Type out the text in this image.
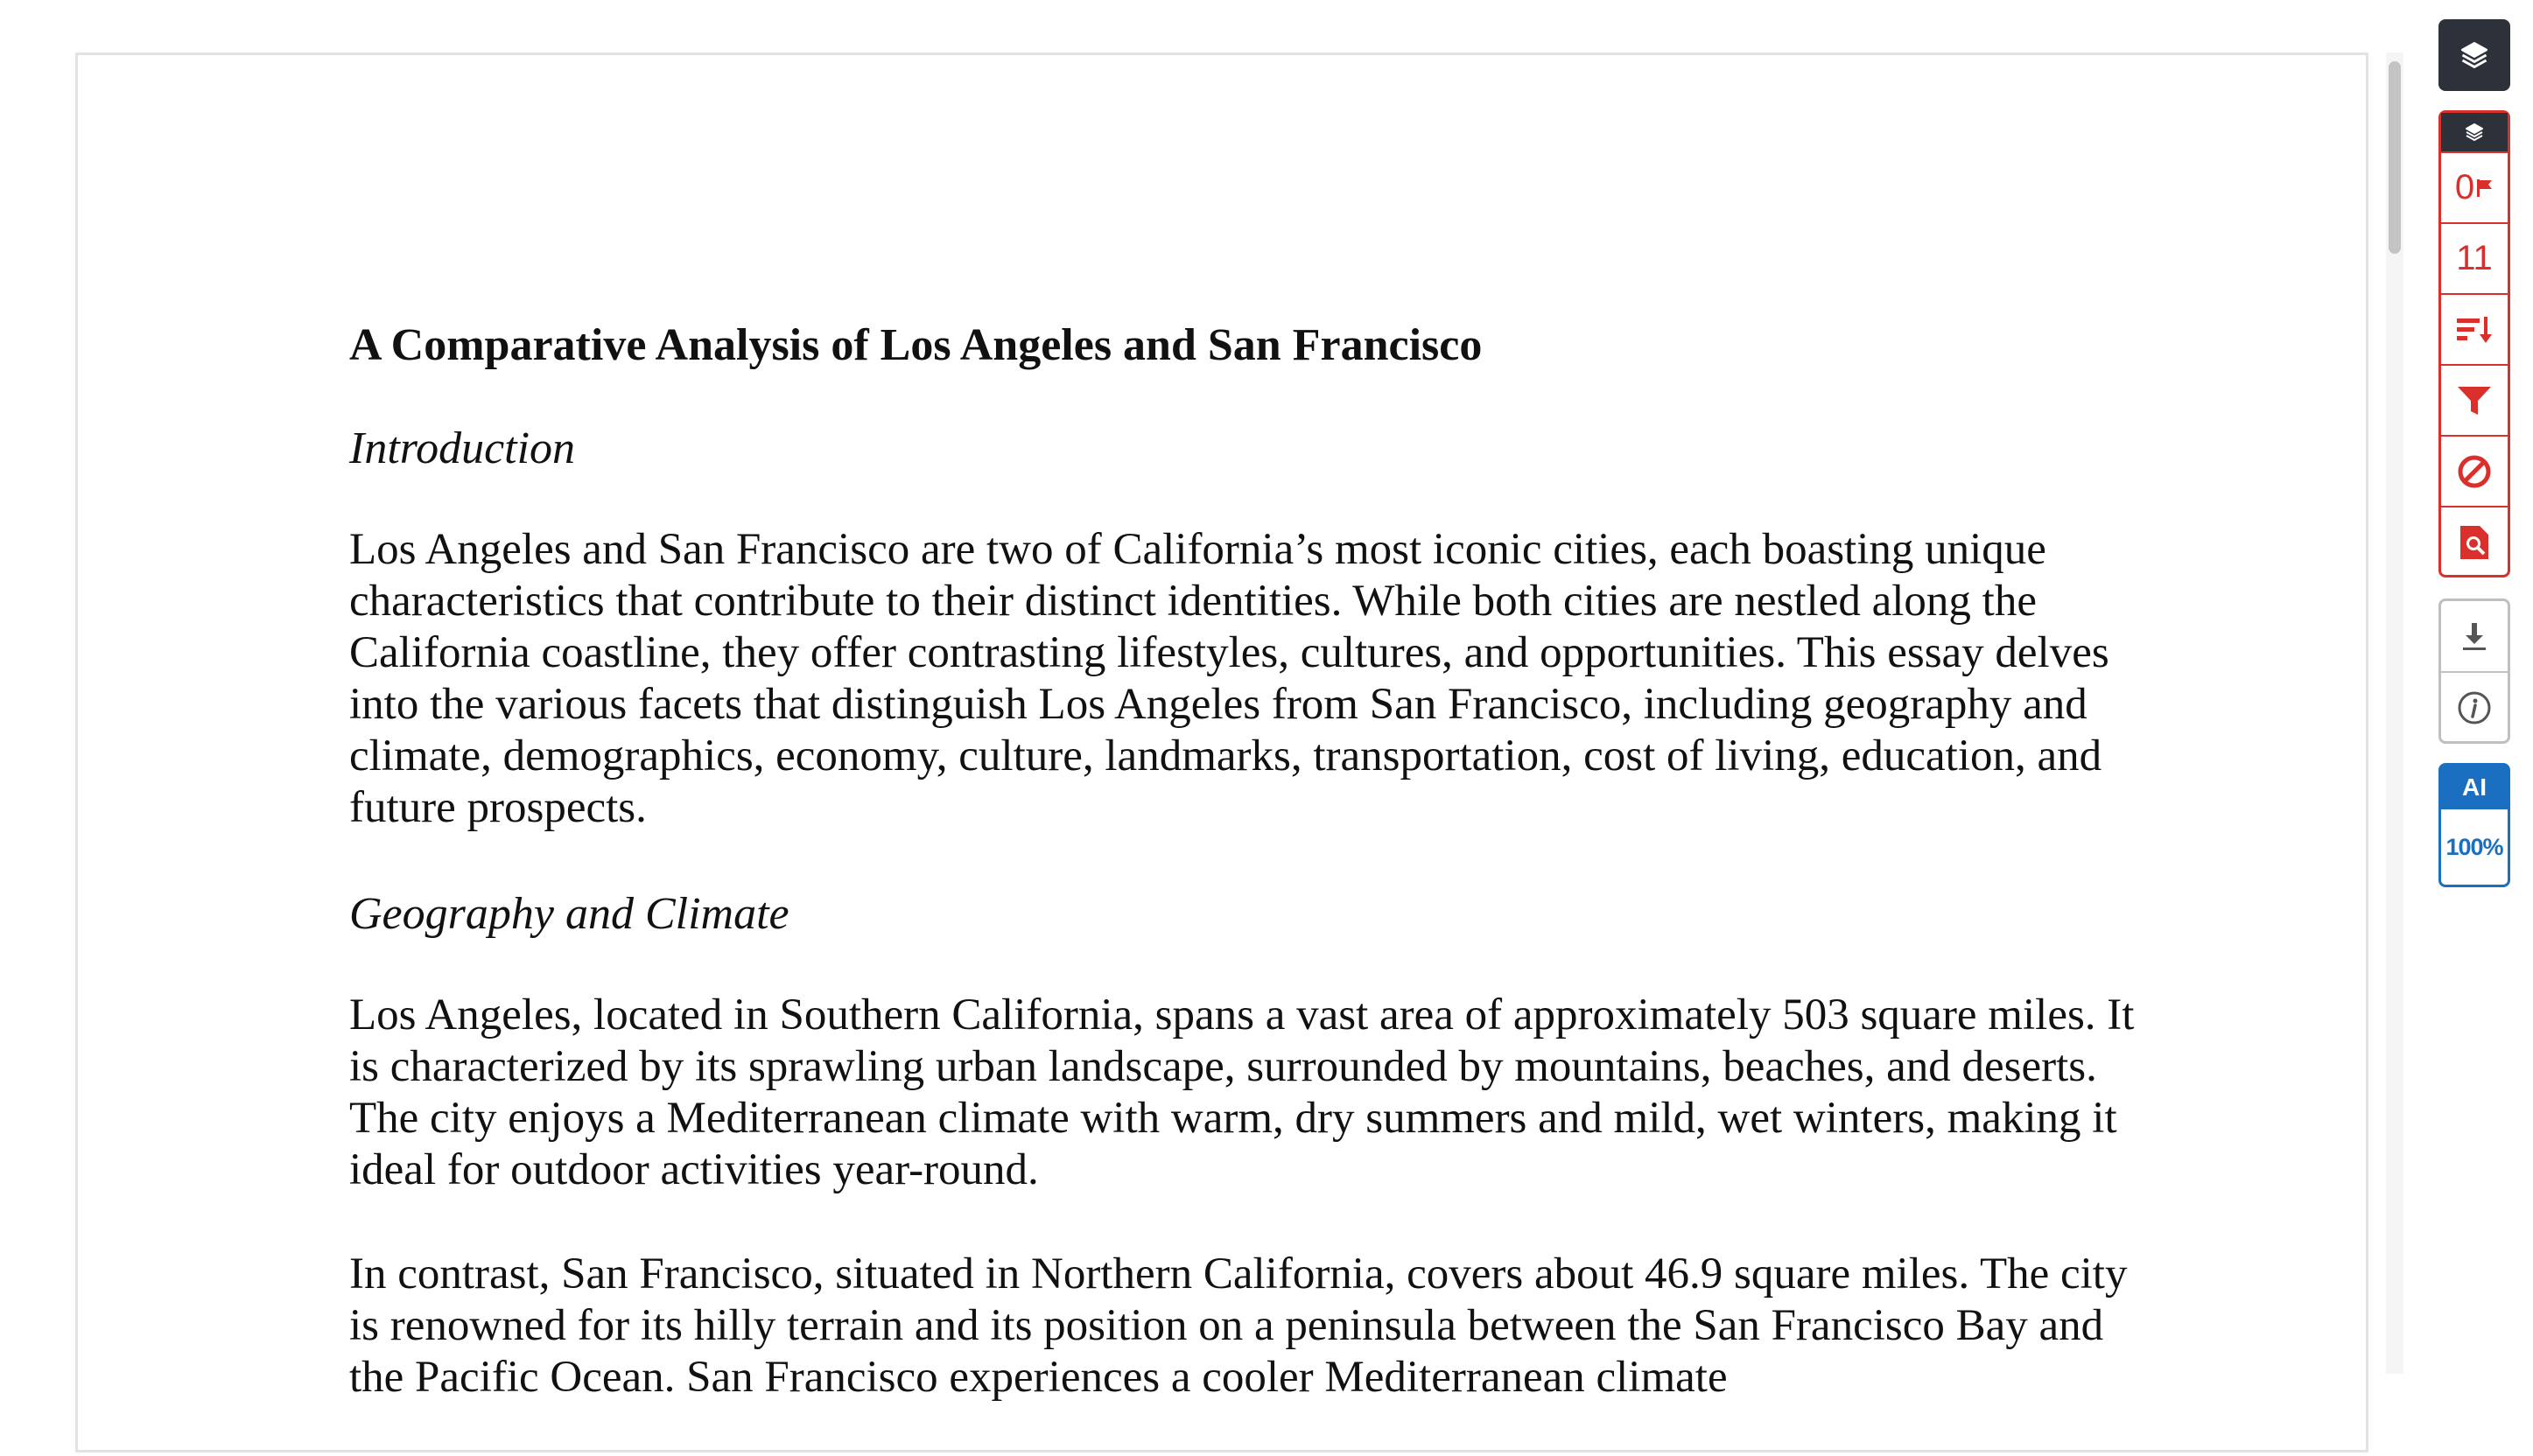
A Comparative Analysis of Los Angeles and San Francisco
Introduction

Los Angeles and San Francisco are two of California’s most iconic cities, each boasting unique characteristics that contribute to their distinct identities. While both cities are nestled along the California coastline, they offer contrasting lifestyles, cultures, and opportunities. This essay delves into the various facets that distinguish Los Angeles from San Francisco, including geography and climate, demographics, economy, culture, landmarks, transportation, cost of living, education, and future prospects.

Geography and Climate

Los Angeles, located in Southern California, spans a vast area of approximately 503 square miles. It is characterized by its sprawling urban landscape, surrounded by mountains, beaches, and deserts. The city enjoys a Mediterranean climate with warm, dry summers and mild, wet winters, making it ideal for outdoor activities year-round.

In contrast, San Francisco, situated in Northern California, covers about 46.9 square miles. The city is renowned for its hilly terrain and its position on a peninsula between the San Francisco Bay and the Pacific Ocean. San Francisco experiences a cooler Mediterranean climate

0
11
AI
100%
